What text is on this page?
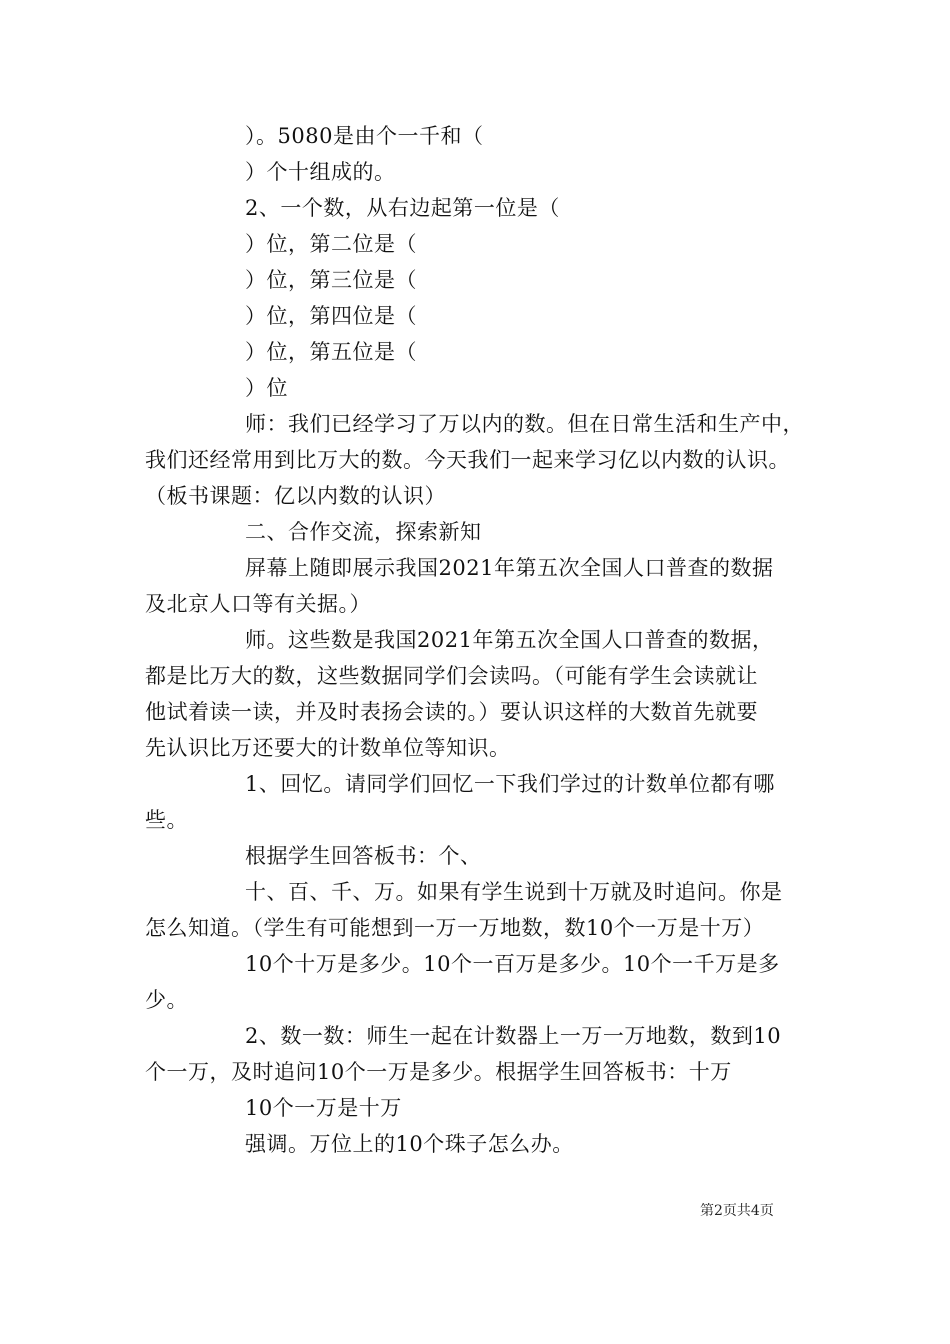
）。5080是由个一千和（
）个十组成的。
2、一个数，从右边起第一位是（
）位，第二位是（
）位，第三位是（
）位，第四位是（
）位，第五位是（
）位
师：我们已经学习了万以内的数。但在日常生活和生产中，
我们还经常用到比万大的数。今天我们一起来学习亿以内数的认识。
（板书课题：亿以内数的认识）
二、合作交流，探索新知
屏幕上随即展示我国2021年第五次全国人口普查的数据
及北京人口等有关据。）
师。这些数是我国2021年第五次全国人口普查的数据，
都是比万大的数，这些数据同学们会读吗。（可能有学生会读就让
他试着读一读，并及时表扬会读的。）要认识这样的大数首先就要
先认识比万还要大的计数单位等知识。
1、回忆。请同学们回忆一下我们学过的计数单位都有哪
些。
根据学生回答板书：个、
十、百、千、万。如果有学生说到十万就及时追问。你是
怎么知道。（学生有可能想到一万一万地数，数10个一万是十万）
10个十万是多少。10个一百万是多少。10个一千万是多
少。
2、数一数：师生一起在计数器上一万一万地数，数到10
个一万，及时追问10个一万是多少。根据学生回答板书：十万
10个一万是十万
强调。万位上的10个珠子怎么办。
第2页共4页
